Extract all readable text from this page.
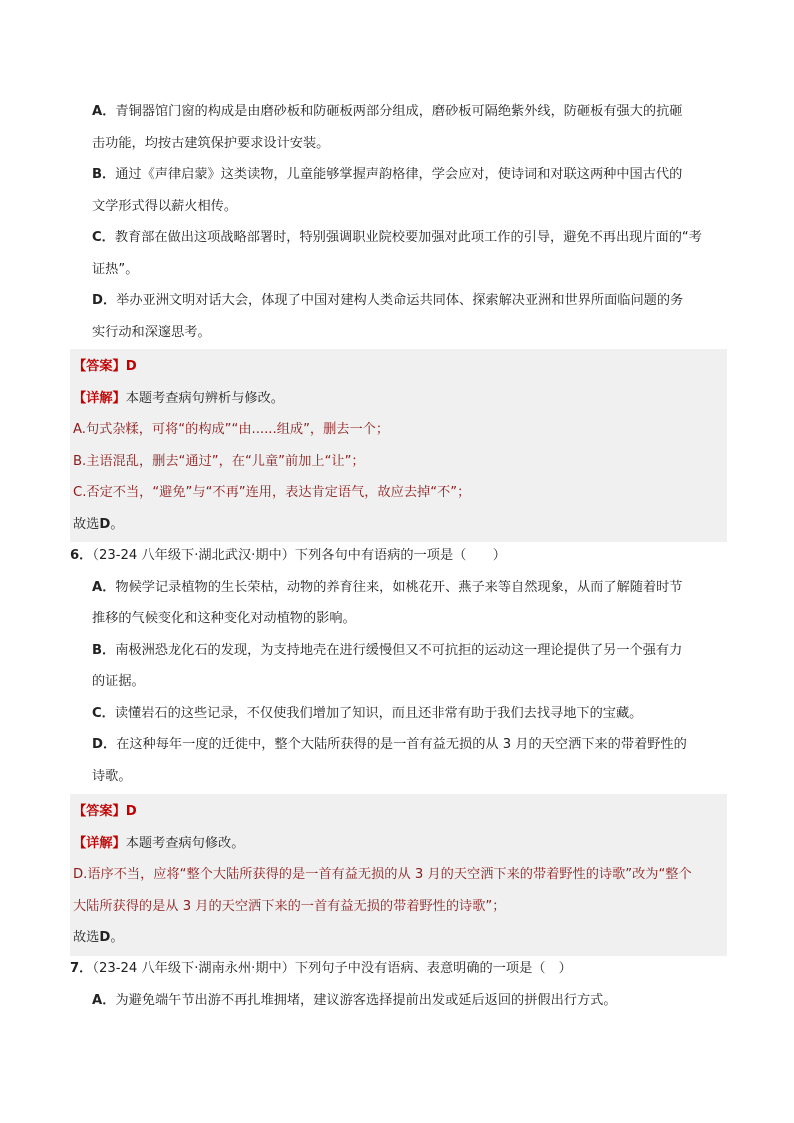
A．青铜器馆门窗的构成是由磨砂板和防砸板两部分组成，磨砂板可隔绝紫外线，防砸板有强大的抗砸
击功能，均按古建筑保护要求设计安装。
B．通过《声律启蒙》这类读物，儿童能够掌握声韵格律，学会应对，使诗词和对联这两种中国古代的
文学形式得以薪火相传。
C．教育部在做出这项战略部署时，特别强调职业院校要加强对此项工作的引导，避免不再出现片面的“考
证热”。
D．举办亚洲文明对话大会，体现了中国对建构人类命运共同体、探索解决亚洲和世界所面临问题的务
实行动和深邃思考。
【答案】D
【详解】本题考查病句辨析与修改。
A.句式杂糅，可将“的构成”“由......组成”，删去一个；
B.主语混乱，删去“通过”，在“儿童”前加上“让”；
C.否定不当，“避免”与“不再”连用，表达肯定语气，故应去掉“不”；
故选D。
6．（23-24 八年级下·湖北武汉·期中）下列各句中有语病的一项是（　　）
A．物候学记录植物的生长荣枯，动物的养育往来，如桃花开、燕子来等自然现象，从而了解随着时节
推移的气候变化和这种变化对动植物的影响。
B．南极洲恐龙化石的发现，为支持地壳在进行缓慢但又不可抗拒的运动这一理论提供了另一个强有力
的证据。
C．读懂岩石的这些记录，不仅使我们增加了知识，而且还非常有助于我们去找寻地下的宝藏。
D．在这种每年一度的迁徙中，整个大陆所获得的是一首有益无损的从 3 月的天空洒下来的带着野性的
诗歌。
【答案】D
【详解】本题考查病句修改。
D.语序不当，应将“整个大陆所获得的是一首有益无损的从 3 月的天空洒下来的带着野性的诗歌”改为“整个
大陆所获得的是从 3 月的天空洒下来的一首有益无损的带着野性的诗歌”；
故选D。
7．（23-24 八年级下·湖南永州·期中）下列句子中没有语病、表意明确的一项是（　）
A．为避免端午节出游不再扎堆拥堵，建议游客选择提前出发或延后返回的拼假出行方式。
